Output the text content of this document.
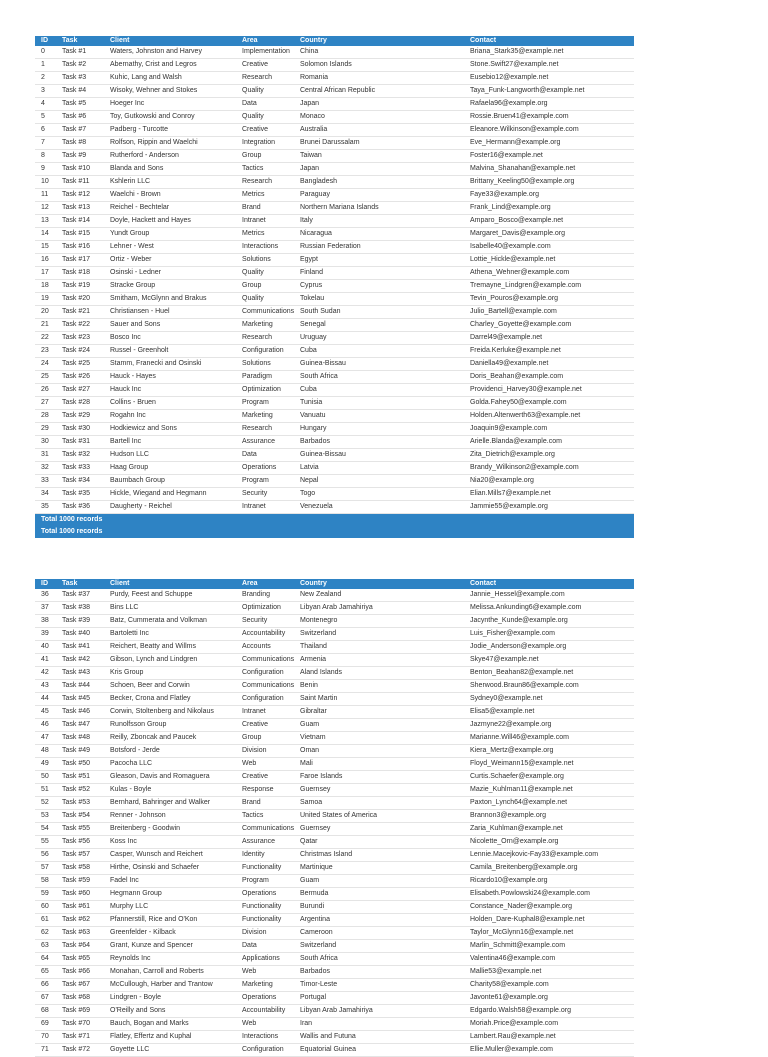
ID	Task	Client	Area	Country	Contact
0	Task #1	Waters, Johnston and Harvey	Implementation	China	Briana_Stark35@example.net
1	Task #2	Abernathy, Crist and Legros	Creative	Solomon Islands	Stone.Swift27@example.net
2	Task #3	Kuhic, Lang and Walsh	Research	Romania	Eusebio12@example.net
3	Task #4	Wisoky, Wehner and Stokes	Quality	Central African Republic	Taya_Funk-Langworth@example.net
4	Task #5	Hoeger Inc	Data	Japan	Rafaela96@example.org
5	Task #6	Toy, Gutkowski and Conroy	Quality	Monaco	Rossie.Bruen41@example.com
6	Task #7	Padberg - Turcotte	Creative	Australia	Eleanore.Wilkinson@example.com
7	Task #8	Rolfson, Rippin and Waelchi	Integration	Brunei Darussalam	Eve_Hermann@example.org
8	Task #9	Rutherford - Anderson	Group	Taiwan	Foster16@example.net
9	Task #10	Blanda and Sons	Tactics	Japan	Malvina_Shanahan@example.net
10	Task #11	Kshlerin LLC	Research	Bangladesh	Brittany_Keeling50@example.org
11	Task #12	Waelchi - Brown	Metrics	Paraguay	Faye33@example.org
12	Task #13	Reichel - Bechtelar	Brand	Northern Mariana Islands	Frank_Lind@example.org
13	Task #14	Doyle, Hackett and Hayes	Intranet	Italy	Amparo_Bosco@example.net
14	Task #15	Yundt Group	Metrics	Nicaragua	Margaret_Davis@example.org
15	Task #16	Lehner - West	Interactions	Russian Federation	Isabelle40@example.com
16	Task #17	Ortiz - Weber	Solutions	Egypt	Lottie_Hickle@example.net
17	Task #18	Osinski - Ledner	Quality	Finland	Athena_Wehner@example.com
18	Task #19	Stracke Group	Group	Cyprus	Tremayne_Lindgren@example.com
19	Task #20	Smitham, McGlynn and Brakus	Quality	Tokelau	Tevin_Pouros@example.org
20	Task #21	Christiansen - Huel	Communications	South Sudan	Julio_Bartell@example.com
21	Task #22	Sauer and Sons	Marketing	Senegal	Charley_Goyette@example.com
22	Task #23	Bosco Inc	Research	Uruguay	Darrel49@example.net
23	Task #24	Russel - Greenholt	Configuration	Cuba	Freida.Kerluke@example.net
24	Task #25	Stamm, Franecki and Osinski	Solutions	Guinea-Bissau	Daniella49@example.net
25	Task #26	Hauck - Hayes	Paradigm	South Africa	Doris_Beahan@example.com
26	Task #27	Hauck Inc	Optimization	Cuba	Providenci_Harvey30@example.net
27	Task #28	Collins - Bruen	Program	Tunisia	Golda.Fahey50@example.com
28	Task #29	Rogahn Inc	Marketing	Vanuatu	Holden.Altenwerth63@example.net
29	Task #30	Hodkiewicz and Sons	Research	Hungary	Joaquin9@example.com
30	Task #31	Bartell Inc	Assurance	Barbados	Arielle.Blanda@example.com
31	Task #32	Hudson LLC	Data	Guinea-Bissau	Zita_Dietrich@example.org
32	Task #33	Haag Group	Operations	Latvia	Brandy_Wilkinson2@example.com
33	Task #34	Baumbach Group	Program	Nepal	Nia20@example.org
34	Task #35	Hickle, Wiegand and Hegmann	Security	Togo	Elian.Mills7@example.net
35	Task #36	Daugherty - Reichel	Intranet	Venezuela	Jammie55@example.org
Total 1000 records					
Total 1000 records					
ID	Task	Client	Area	Country	Contact
36	Task #37	Purdy, Feest and Schuppe	Branding	New Zealand	Jannie_Hessel@example.com
37	Task #38	Bins LLC	Optimization	Libyan Arab Jamahiriya	Melissa.Ankunding6@example.com
38	Task #39	Batz, Cummerata and Volkman	Security	Montenegro	Jacynthe_Kunde@example.org
39	Task #40	Bartoletti Inc	Accountability	Switzerland	Luis_Fisher@example.com
40	Task #41	Reichert, Beatty and Willms	Accounts	Thailand	Jodie_Anderson@example.org
41	Task #42	Gibson, Lynch and Lindgren	Communications	Armenia	Skye47@example.net
42	Task #43	Kris Group	Configuration	Aland Islands	Benton_Beahan82@example.net
43	Task #44	Schoen, Beer and Corwin	Communications	Benin	Sherwood.Braun86@example.com
44	Task #45	Becker, Crona and Flatley	Configuration	Saint Martin	Sydney0@example.net
45	Task #46	Corwin, Stoltenberg and Nikolaus	Intranet	Gibraltar	Elisa5@example.net
46	Task #47	Runolfsson Group	Creative	Guam	Jazmyne22@example.org
47	Task #48	Reilly, Zboncak and Paucek	Group	Vietnam	Marianne.Will46@example.com
48	Task #49	Botsford - Jerde	Division	Oman	Kiera_Mertz@example.org
49	Task #50	Pacocha LLC	Web	Mali	Floyd_Weimann15@example.net
50	Task #51	Gleason, Davis and Romaguera	Creative	Faroe Islands	Curtis.Schaefer@example.org
51	Task #52	Kulas - Boyle	Response	Guernsey	Mazie_Kuhlman11@example.net
52	Task #53	Bernhard, Bahringer and Walker	Brand	Samoa	Paxton_Lynch64@example.net
53	Task #54	Renner - Johnson	Tactics	United States of America	Brannon3@example.org
54	Task #55	Breitenberg - Goodwin	Communications	Guernsey	Zaria_Kuhlman@example.net
55	Task #56	Koss Inc	Assurance	Qatar	Nicolette_Orn@example.org
56	Task #57	Casper, Wunsch and Reichert	Identity	Christmas Island	Lennie.Macejkovic-Fay33@example.com
57	Task #58	Hirthe, Osinski and Schaefer	Functionality	Martinique	Camila_Breitenberg@example.org
58	Task #59	Fadel Inc	Program	Guam	Ricardo10@example.org
59	Task #60	Hegmann Group	Operations	Bermuda	Elisabeth.Powlowski24@example.com
60	Task #61	Murphy LLC	Functionality	Burundi	Constance_Nader@example.org
61	Task #62	Pfannerstill, Rice and O'Kon	Functionality	Argentina	Holden_Dare-Kuphal8@example.net
62	Task #63	Greenfelder - Kilback	Division	Cameroon	Taylor_McGlynn16@example.net
63	Task #64	Grant, Kunze and Spencer	Data	Switzerland	Marlin_Schmitt@example.com
64	Task #65	Reynolds Inc	Applications	South Africa	Valentina46@example.com
65	Task #66	Monahan, Carroll and Roberts	Web	Barbados	Mallie53@example.net
66	Task #67	McCullough, Harber and Trantow	Marketing	Timor-Leste	Charity58@example.com
67	Task #68	Lindgren - Boyle	Operations	Portugal	Javonte61@example.org
68	Task #69	O'Reilly and Sons	Accountability	Libyan Arab Jamahiriya	Edgardo.Walsh58@example.org
69	Task #70	Bauch, Bogan and Marks	Web	Iran	Moriah.Price@example.com
70	Task #71	Flatley, Effertz and Kuphal	Interactions	Wallis and Futuna	Lambert.Rau@example.net
71	Task #72	Goyette LLC	Configuration	Equatorial Guinea	Ellie.Muller@example.com
